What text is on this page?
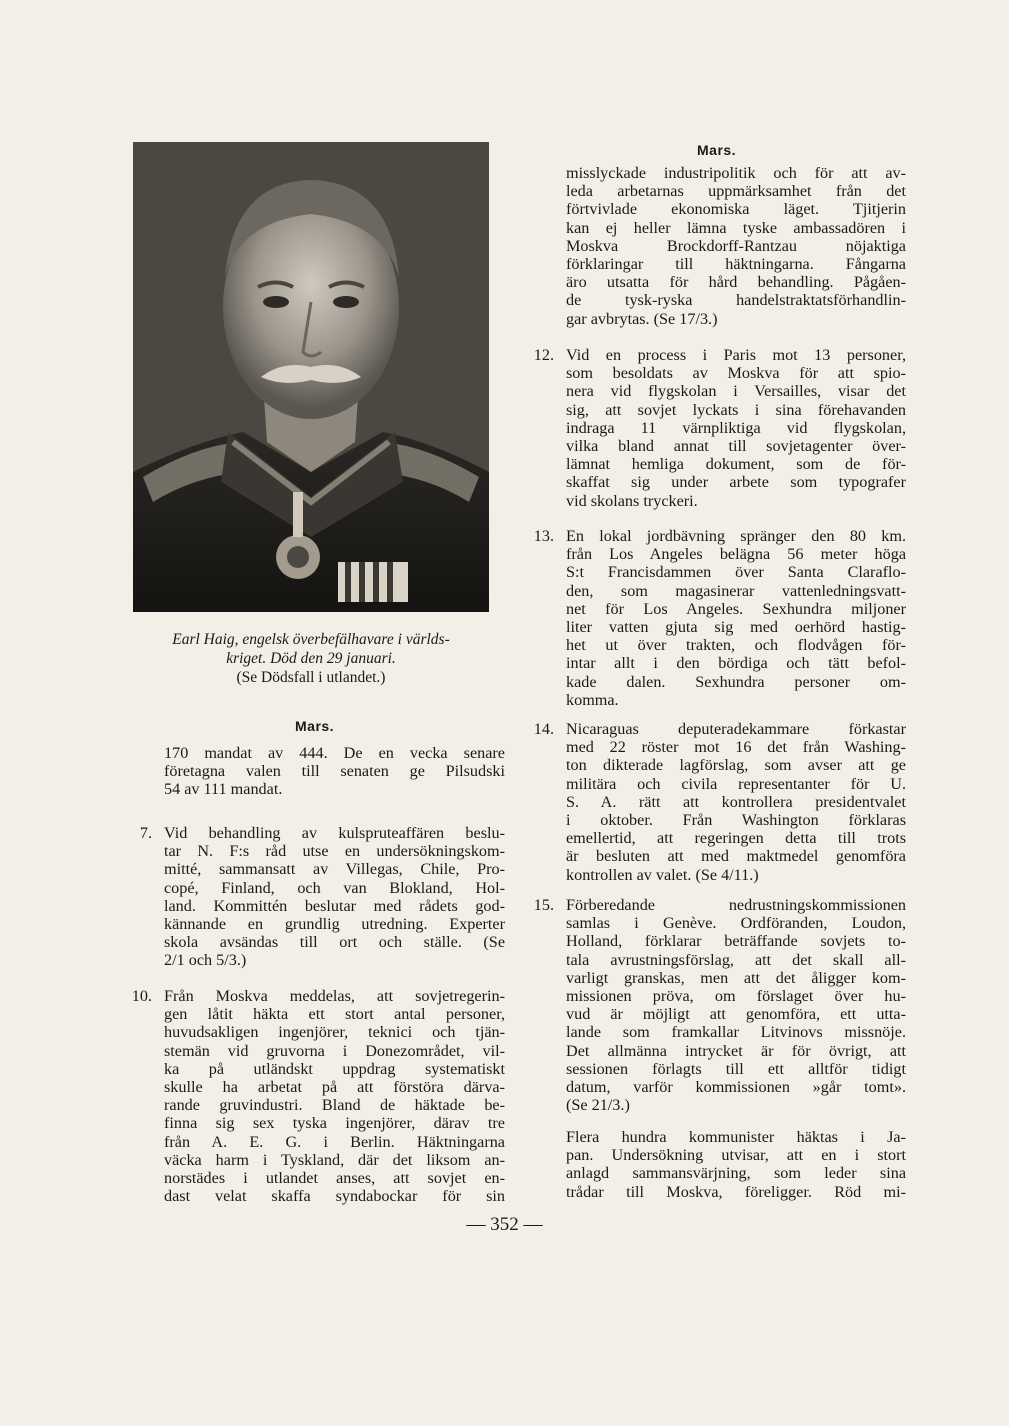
Earl Haig, engelsk överbefälhavare i världs-
kriget. Död den 29 januari.
(Se Dödsfall i utlandet.)
Mars.
misslyckade industripolitik och för att av-
leda arbetarnas uppmärksamhet från det
förtvivlade ekonomiska läget. Tjitjerin
kan ej heller lämna tyske ambassadören i
Moskva Brockdorff-Rantzau nöjaktiga
förklaringar till häktningarna. Fångarna
äro utsatta för hård behandling. Pågåen-
de tysk-ryska handelstraktatsförhandlin-
gar avbrytas. (Se 17/3.)
12. Vid en process i Paris mot 13 personer,
som besoldats av Moskva för att spio-
nera vid flygskolan i Versailles, visar det
sig, att sovjet lyckats i sina förehavanden
indraga 11 värnpliktiga vid flygskolan,
vilka bland annat till sovjetagenter över-
lämnat hemliga dokument, som de för-
skaffat sig under arbete som typografer
vid skolans tryckeri.
13. En lokal jordbävning spränger den 80 km.
från Los Angeles belägna 56 meter höga
S:t Francisdammen över Santa Claraflo-
den, som magasinerar vattenledningsvatt-
net för Los Angeles. Sexhundra miljoner
liter vatten gjuta sig med oerhörd hastig-
het ut över trakten, och flodvågen för-
intar allt i den bördiga och tätt befol-
kade dalen. Sexhundra personer om-
komma.
14. Nicaraguas deputeradekammare förkastar
med 22 röster mot 16 det från Washing-
ton dikterade lagförslag, som avser att ge
militära och civila representanter för U.
S. A. rätt att kontrollera presidentvalet
i oktober. Från Washington förklaras
emellertid, att regeringen detta till trots
är besluten att med maktmedel genomföra
kontrollen av valet. (Se 4/11.)
15. Förberedande nedrustningskommissionen
samlas i Genève. Ordföranden, Loudon,
Holland, förklarar beträffande sovjets to-
tala avrustningsförslag, att det skall all-
varligt granskas, men att det åligger kom-
missionen pröva, om förslaget över hu-
vud är möjligt att genomföra, ett utta-
lande som framkallar Litvinovs missnöje.
Det allmänna intrycket är för övrigt, att
sessionen förlagts till ett alltför tidigt
datum, varför kommissionen »går tomt».
(Se 21/3.)
Flera hundra kommunister häktas i Ja-
pan. Undersökning utvisar, att en i stort
anlagd sammansvärjning, som leder sina
trådar till Moskva, föreligger. Röd mi-
Mars.
170 mandat av 444. De en vecka senare
företagna valen till senaten ge Pilsudski
54 av 111 mandat.
7. Vid behandling av kulspruteaffären beslu-
tar N. F:s råd utse en undersökningskom-
mitté, sammansatt av Villegas, Chile, Pro-
copé, Finland, och van Blokland, Hol-
land. Kommittén beslutar med rådets god-
kännande en grundlig utredning. Experter
skola avsändas till ort och ställe. (Se
2/1 och 5/3.)
10. Från Moskva meddelas, att sovjetregerin-
gen låtit häkta ett stort antal personer,
huvudsakligen ingenjörer, teknici och tjän-
stemän vid gruvorna i Donezområdet, vil-
ka på utländskt uppdrag systematiskt
skulle ha arbetat på att förstöra därva-
rande gruvindustri. Bland de häktade be-
finna sig sex tyska ingenjörer, därav tre
från A. E. G. i Berlin. Häktningarna
väcka harm i Tyskland, där det liksom an-
norstädes i utlandet anses, att sovjet en-
dast velat skaffa syndabockar för sin
— 352 —
